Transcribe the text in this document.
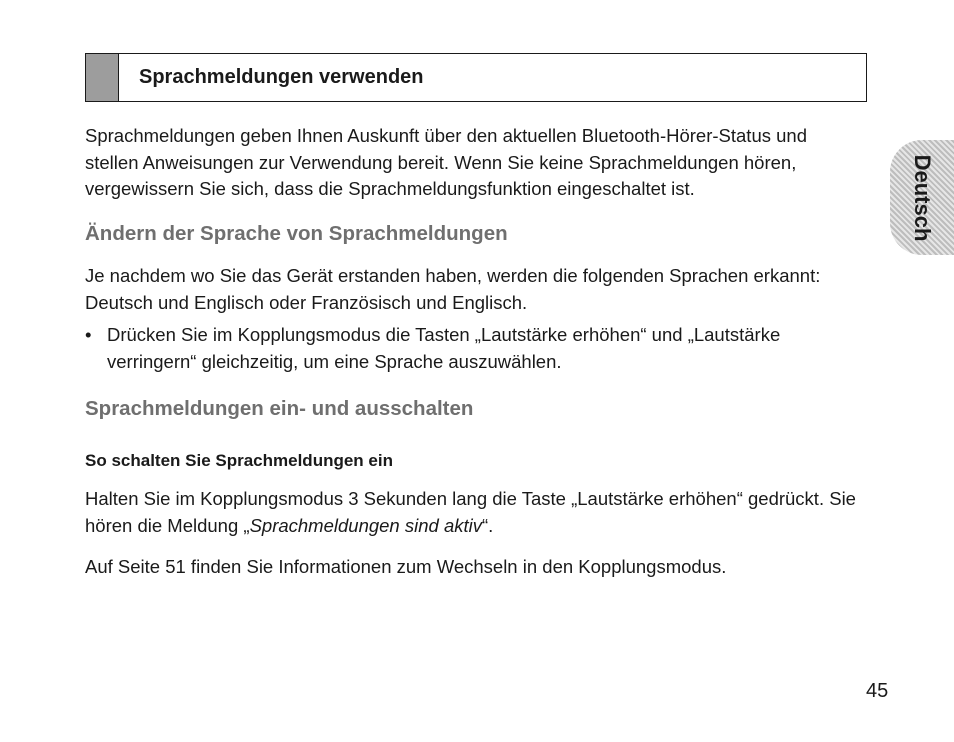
Sprachmeldungen verwenden

Sprachmeldungen geben Ihnen Auskunft über den aktuellen Bluetooth-Hörer-Status und stellen Anweisungen zur Verwendung bereit. Wenn Sie keine Sprachmeldungen hören, vergewissern Sie sich, dass die Sprachmeldungsfunktion eingeschaltet ist.

Ändern der Sprache von Sprachmeldungen

Je nachdem wo Sie das Gerät erstanden haben, werden die folgenden Sprachen erkannt: Deutsch und Englisch oder Französisch und Englisch.

• Drücken Sie im Kopplungsmodus die Tasten „Lautstärke erhöhen“ und „Lautstärke verringern“ gleichzeitig, um eine Sprache auszuwählen.

Sprachmeldungen ein- und ausschalten
So schalten Sie Sprachmeldungen ein

Halten Sie im Kopplungsmodus 3 Sekunden lang die Taste „Lautstärke erhöhen“ gedrückt. Sie hören die Meldung „Sprachmeldungen sind aktiv“.

Auf Seite 51 finden Sie Informationen zum Wechseln in den Kopplungsmodus.

Deutsch
45
